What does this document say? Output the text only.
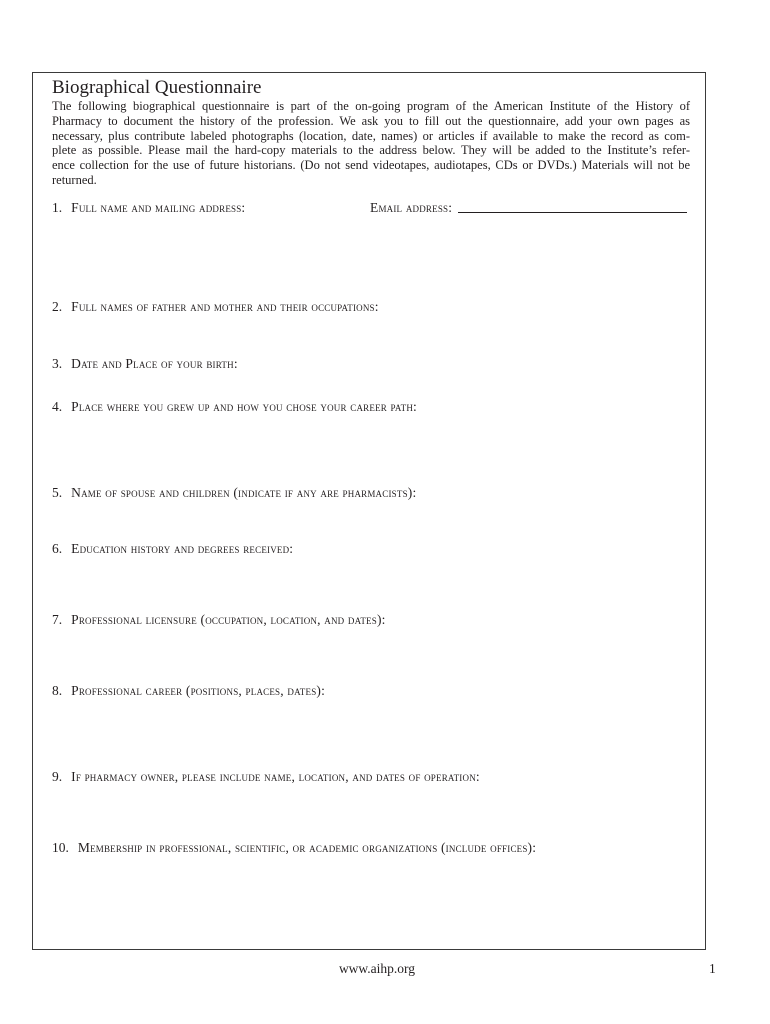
Biographical Questionnaire
The following biographical questionnaire is part of the on-going program of the American Institute of the History of
Pharmacy to document the history of the profession. We ask you to fill out the questionnaire, add your own pages as
necessary, plus contribute labeled photographs (location, date, names) or articles if available to make the record as com-
plete as possible. Please mail the hard-copy materials to the address below. They will be added to the Institute’s refer-
ence collection for the use of future historians. (Do not send videotapes, audiotapes, CDs or DVDs.) Materials will not be
returned.
1. Full name and mailing address:	Email address:
2. Full names of father and mother and their occupations:
3. Date and Place of your birth:
4. Place where you grew up and how you chose your career path:
5. Name of spouse and children (indicate if any are pharmacists):
6. Education history and degrees received:
7. Professional licensure (occupation, location, and dates):
8. Professional career (positions, places, dates):
9. If pharmacy owner, please include name, location, and dates of operation:
10. Membership in professional, scientific, or academic organizations (include offices):
www.aihp.org	1
